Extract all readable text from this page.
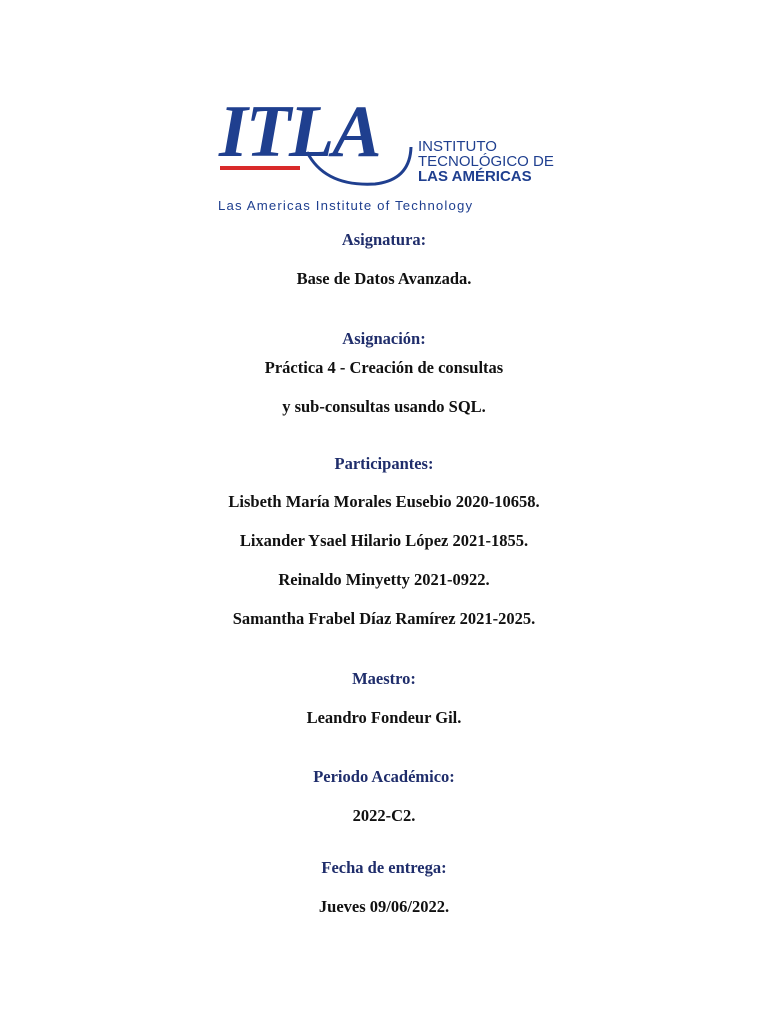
ITLA	INSTITUTO
TECNOLÓGICO DE
LAS AMÉRICAS
Las Americas Institute of Technology
Asignatura:
Base de Datos Avanzada.
Asignación:
Práctica 4 - Creación de consultas
y sub-consultas usando SQL.
Participantes:
Lisbeth María Morales Eusebio 2020-10658.
Lixander Ysael Hilario López 2021-1855.
Reinaldo Minyetty 2021-0922.
Samantha Frabel Díaz Ramírez 2021-2025.
Maestro:
Leandro Fondeur Gil.
Periodo Académico:
2022-C2.
Fecha de entrega:
Jueves 09/06/2022.
